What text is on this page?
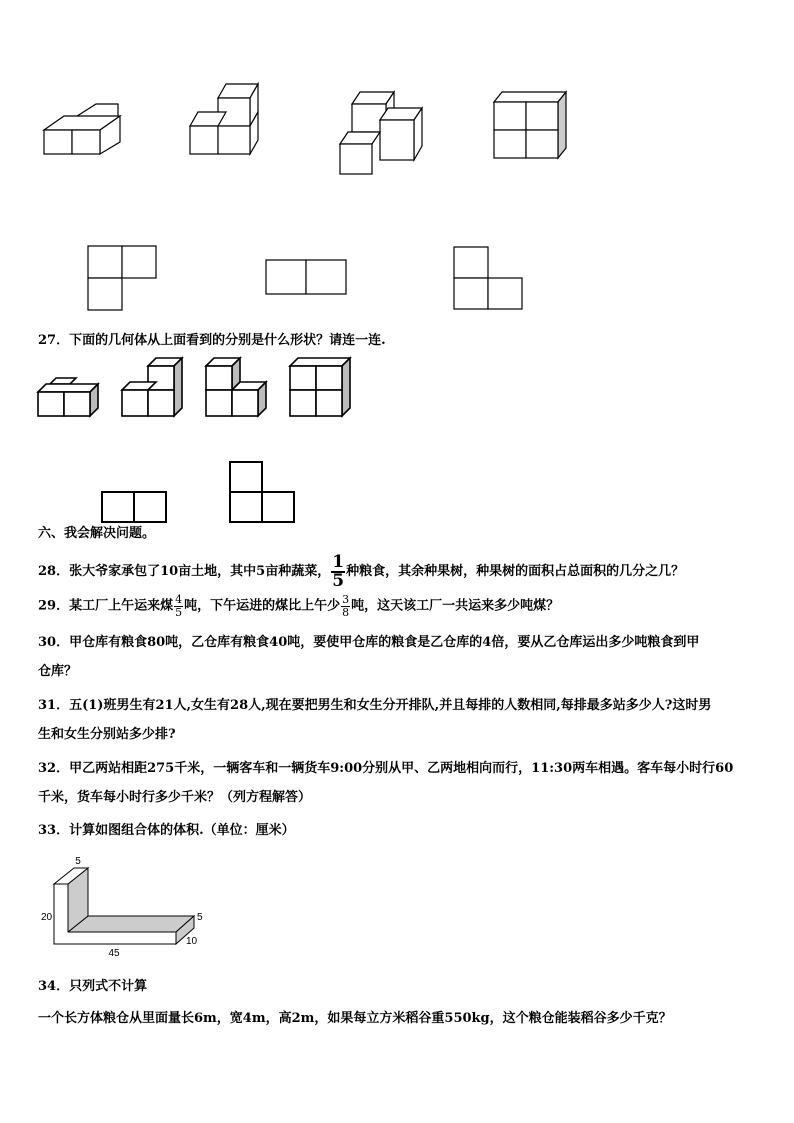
27．下面的几何体从上面看到的分别是什么形状？请连一连.
六、我会解决问题。
28．张大爷家承包了10亩土地，其中5亩种蔬菜， $\frac{1}{5}$ 种粮食，其余种果树，种果树的面积占总面积的几分之几？
29．某工厂上午运来煤 $\frac{4}{5}$ 吨，下午运进的煤比上午少 $\frac{3}{8}$ 吨，这天该工厂一共运来多少吨煤？
30．甲仓库有粮食80吨，乙仓库有粮食40吨，要使甲仓库的粮食是乙仓库的4倍，要从乙仓库运出多少吨粮食到甲
仓库？
31．五(1)班男生有21人,女生有28人,现在要把男生和女生分开排队,并且每排的人数相同,每排最多站多少人?这时男
生和女生分别站多少排?
32．甲乙两站相距275千米，一辆客车和一辆货车9:00分别从甲、乙两地相向而行，11:30两车相遇。客车每小时行60
千米，货车每小时行多少千米？（列方程解答）
33．计算如图组合体的体积.（单位：厘米）
5
20	5
10
45
34．只列式不计算
一个长方体粮仓从里面量长6m，宽4m，高2m，如果每立方米稻谷重550kg，这个粮仓能装稻谷多少千克？
